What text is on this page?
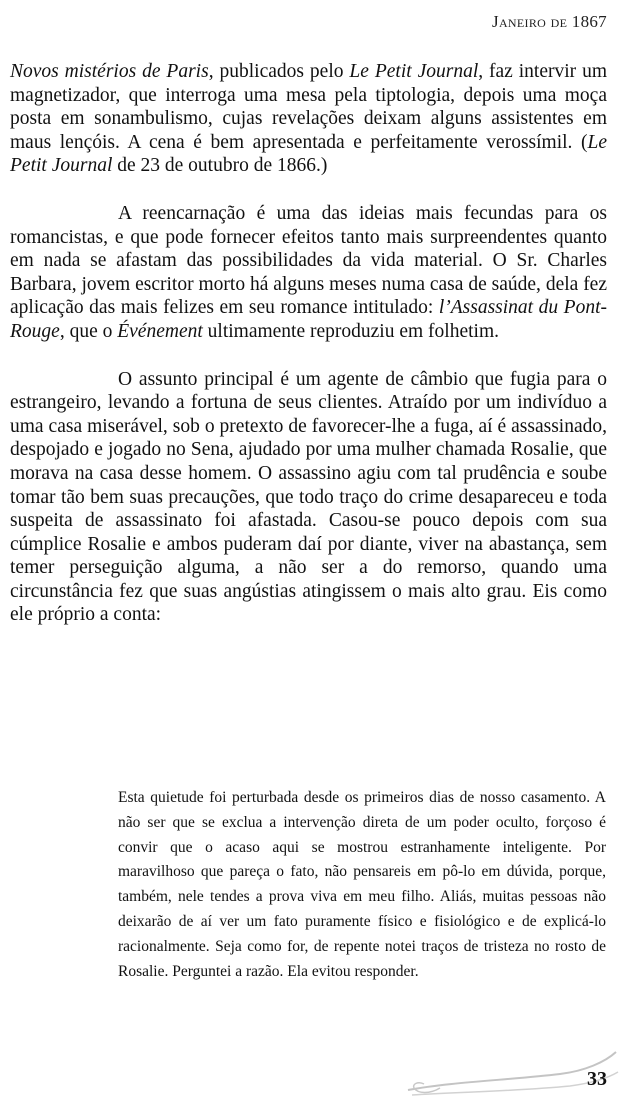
Janeiro de 1867

Novos mistérios de Paris, publicados pelo Le Petit Journal, faz intervir um magnetizador, que interroga uma mesa pela tiptologia, depois uma moça posta em sonambulismo, cujas revelações deixam alguns assistentes em maus lençóis. A cena é bem apresentada e perfeitamente verossímil. (Le Petit Journal de 23 de outubro de 1866.)

A reencarnação é uma das ideias mais fecundas para os romancistas, e que pode fornecer efeitos tanto mais surpreendentes quanto em nada se afastam das possibilidades da vida material. O Sr. Charles Barbara, jovem escritor morto há alguns meses numa casa de saúde, dela fez aplicação das mais felizes em seu romance intitulado: l’Assassinat du Pont-Rouge, que o Événement ultimamente reproduziu em folhetim.

O assunto principal é um agente de câmbio que fugia para o estrangeiro, levando a fortuna de seus clientes. Atraído por um indivíduo a uma casa miserável, sob o pretexto de favorecer-lhe a fuga, aí é assassinado, despojado e jogado no Sena, ajudado por uma mulher chamada Rosalie, que morava na casa desse homem. O assassino agiu com tal prudência e soube tomar tão bem suas precauções, que todo traço do crime desapareceu e toda suspeita de assassinato foi afastada. Casou-se pouco depois com sua cúmplice Rosalie e ambos puderam daí por diante, viver na abastança, sem temer perseguição alguma, a não ser a do remorso, quando uma circunstância fez que suas angústias atingissem o mais alto grau. Eis como ele próprio a conta:

Esta quietude foi perturbada desde os primeiros dias de nosso casamento. A não ser que se exclua a intervenção direta de um poder oculto, forçoso é convir que o acaso aqui se mostrou estranhamente inteligente. Por maravilhoso que pareça o fato, não pensareis em pô-lo em dúvida, porque, também, nele tendes a prova viva em meu filho. Aliás, muitas pessoas não deixarão de aí ver um fato puramente físico e fisiológico e de explicá-lo racionalmente. Seja como for, de repente notei traços de tristeza no rosto de Rosalie. Perguntei a razão. Ela evitou responder.

33
